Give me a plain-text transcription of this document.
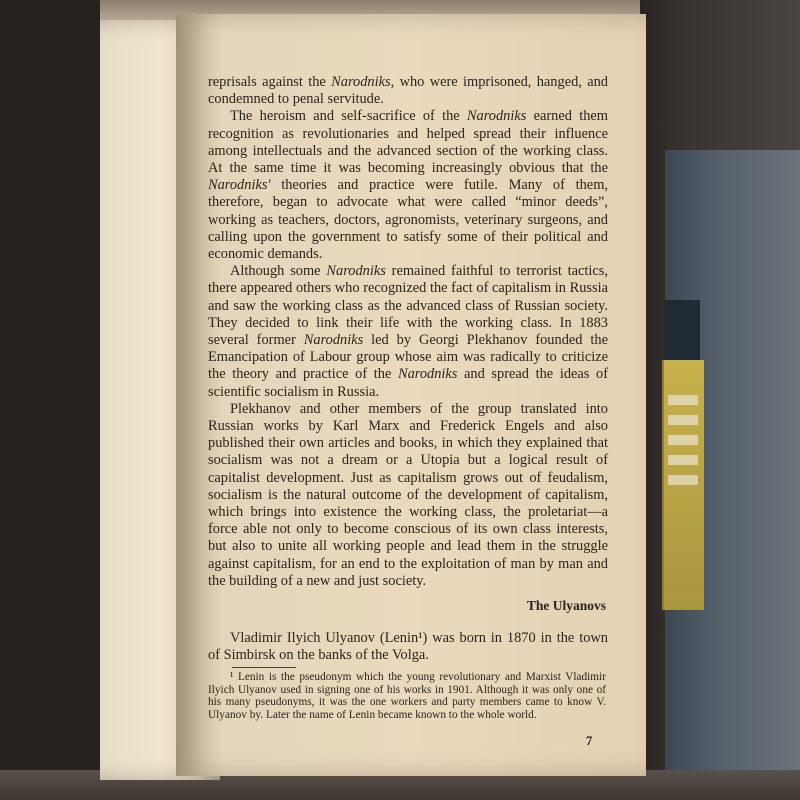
reprisals against the Narodniks, who were imprisoned, hanged, and condemned to penal servitude.

The heroism and self-sacrifice of the Narodniks earned them recognition as revolutionaries and helped spread their influence among intellectuals and the advanced section of the working class. At the same time it was becoming increasingly obvious that the Narodniks' theories and practice were futile. Many of them, therefore, began to advocate what were called “minor deeds”, working as teachers, doctors, agronomists, veterinary surgeons, and calling upon the government to satisfy some of their political and economic demands.

Although some Narodniks remained faithful to terrorist tactics, there appeared others who recognized the fact of capitalism in Russia and saw the working class as the advanced class of Russian society. They decided to link their life with the working class. In 1883 several former Narodniks led by Georgi Plekhanov founded the Emancipation of Labour group whose aim was radically to criticize the theory and practice of the Narodniks and spread the ideas of scientific socialism in Russia.

Plekhanov and other members of the group translated into Russian works by Karl Marx and Frederick Engels and also published their own articles and books, in which they explained that socialism was not a dream or a Utopia but a logical result of capitalist development. Just as capitalism grows out of feudalism, socialism is the natural outcome of the development of capitalism, which brings into existence the working class, the proletariat—a force able not only to become conscious of its own class interests, but also to unite all working people and lead them in the struggle against capitalism, for an end to the exploitation of man by man and the building of a new and just society.

The Ulyanovs

Vladimir Ilyich Ulyanov (Lenin¹) was born in 1870 in the town of Simbirsk on the banks of the Volga.

¹ Lenin is the pseudonym which the young revolutionary and Marxist Vladimir Ilyich Ulyanov used in signing one of his works in 1901. Although it was only one of his many pseudonyms, it was the one workers and party members came to know V. Ulyanov by. Later the name of Lenin became known to the whole world.

7
